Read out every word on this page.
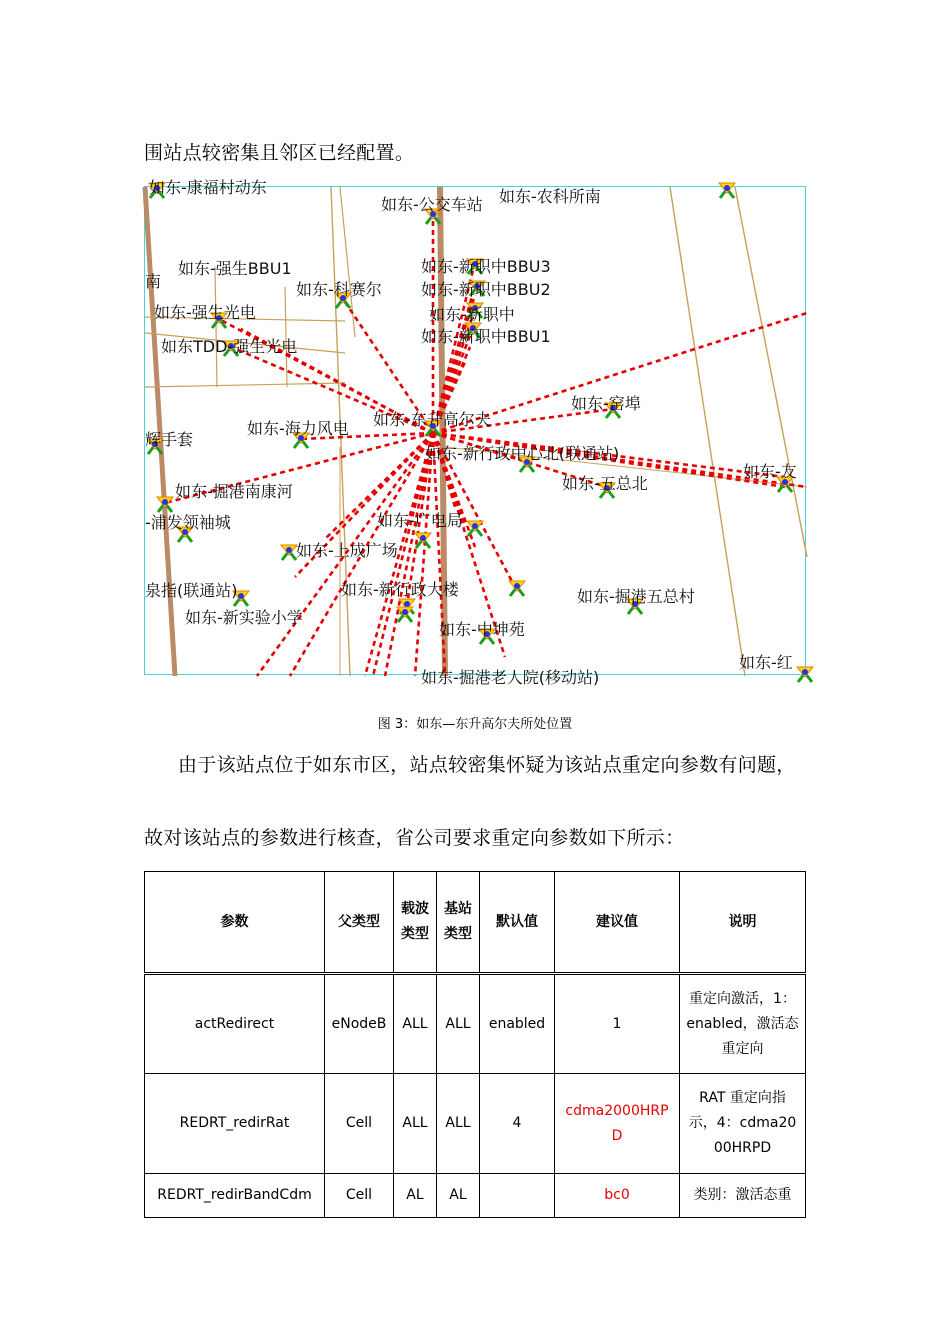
围站点较密集且邻区已经配置。
如东-康福村动东
如东-公交车站 如东-农科所南
如东-强生BBU1
如东-科赛尔
如东-新职中BBU3
如东-新职中BBU2
如东-新职中
如东-新职中BBU1
南
如东-强生光电
如东TDD-强生光电
如东-东升高尔夫
如东-窑埠
如东-海力风电
辉手套
如东-新行政中心北(联通站)
如东-五总北
如东-友
如东-掘港南康河
-浦发领袖城	如东-广电局
如东-上成广场
泉指(联通站)	如东-新行政大楼	如东-掘港五总村
如东-新实验小学
如东-中坤苑
如东-红
如东-掘港老人院(移动站)
图 3：如东—东升高尔夫所处位置
由于该站点位于如东市区，站点较密集怀疑为该站点重定向参数有问题，
故对该站点的参数进行核查，省公司要求重定向参数如下所示：
参数	父类型	载波类型	基站类型	默认值	建议值	说明
actRedirect	eNodeB	ALL	ALL	enabled	1	重定向激活，1：enabled，激活态重定向
REDRT_redirRat	Cell	ALL	ALL	4	cdma2000HRPD	RAT 重定向指示，4：cdma2000HRPD
REDRT_redirBandCdm	Cell	AL	AL		bc0	类别：激活态重
